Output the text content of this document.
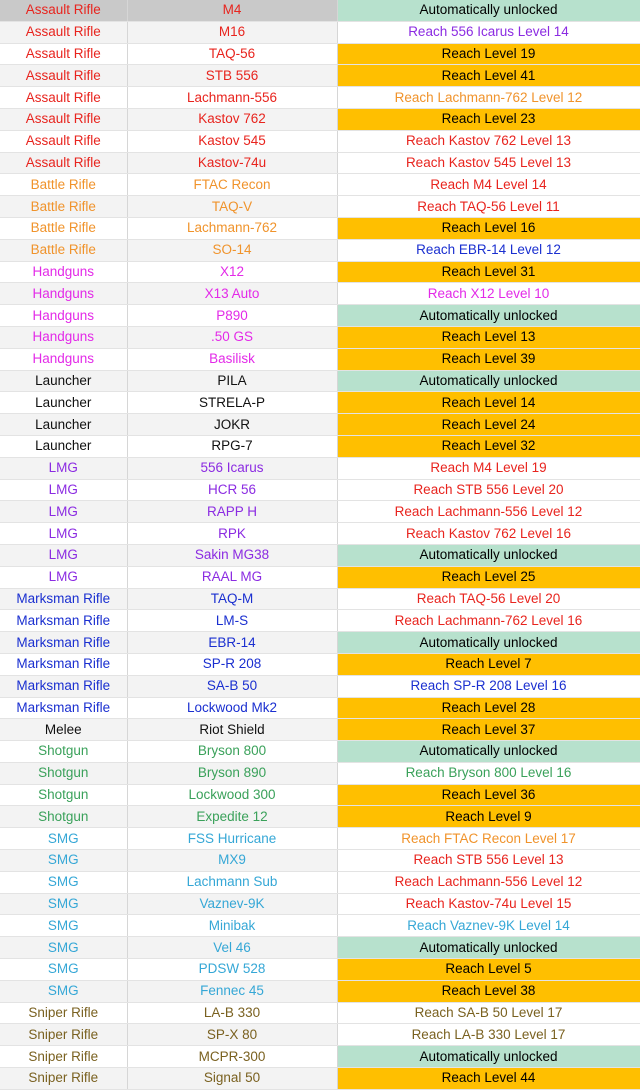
Assault Rifle	M4	Automatically unlocked
Assault Rifle	M16	Reach 556 Icarus Level 14
Assault Rifle	TAQ-56	Reach Level 19
Assault Rifle	STB 556	Reach Level 41
Assault Rifle	Lachmann-556	Reach Lachmann-762 Level 12
Assault Rifle	Kastov 762	Reach Level 23
Assault Rifle	Kastov 545	Reach Kastov 762 Level 13
Assault Rifle	Kastov-74u	Reach Kastov 545 Level 13
Battle Rifle	FTAC Recon	Reach M4 Level 14
Battle Rifle	TAQ-V	Reach TAQ-56 Level 11
Battle Rifle	Lachmann-762	Reach Level 16
Battle Rifle	SO-14	Reach EBR-14 Level 12
Handguns	X12	Reach Level 31
Handguns	X13 Auto	Reach X12 Level 10
Handguns	P890	Automatically unlocked
Handguns	.50 GS	Reach Level 13
Handguns	Basilisk	Reach Level 39
Launcher	PILA	Automatically unlocked
Launcher	STRELA-P	Reach Level 14
Launcher	JOKR	Reach Level 24
Launcher	RPG-7	Reach Level 32
LMG	556 Icarus	Reach M4 Level 19
LMG	HCR 56	Reach STB 556 Level 20
LMG	RAPP H	Reach Lachmann-556 Level 12
LMG	RPK	Reach Kastov 762 Level 16
LMG	Sakin MG38	Automatically unlocked
LMG	RAAL MG	Reach Level 25
Marksman Rifle	TAQ-M	Reach TAQ-56 Level 20
Marksman Rifle	LM-S	Reach Lachmann-762 Level 16
Marksman Rifle	EBR-14	Automatically unlocked
Marksman Rifle	SP-R 208	Reach Level 7
Marksman Rifle	SA-B 50	Reach SP-R 208 Level 16
Marksman Rifle	Lockwood Mk2	Reach Level 28
Melee	Riot Shield	Reach Level 37
Shotgun	Bryson 800	Automatically unlocked
Shotgun	Bryson 890	Reach Bryson 800 Level 16
Shotgun	Lockwood 300	Reach Level 36
Shotgun	Expedite 12	Reach Level 9
SMG	FSS Hurricane	Reach FTAC Recon Level 17
SMG	MX9	Reach STB 556 Level 13
SMG	Lachmann Sub	Reach Lachmann-556 Level 12
SMG	Vaznev-9K	Reach Kastov-74u Level 15
SMG	Minibak	Reach Vaznev-9K Level 14
SMG	Vel 46	Automatically unlocked
SMG	PDSW 528	Reach Level 5
SMG	Fennec 45	Reach Level 38
Sniper Rifle	LA-B 330	Reach SA-B 50 Level 17
Sniper Rifle	SP-X 80	Reach LA-B 330 Level 17
Sniper Rifle	MCPR-300	Automatically unlocked
Sniper Rifle	Signal 50	Reach Level 44
